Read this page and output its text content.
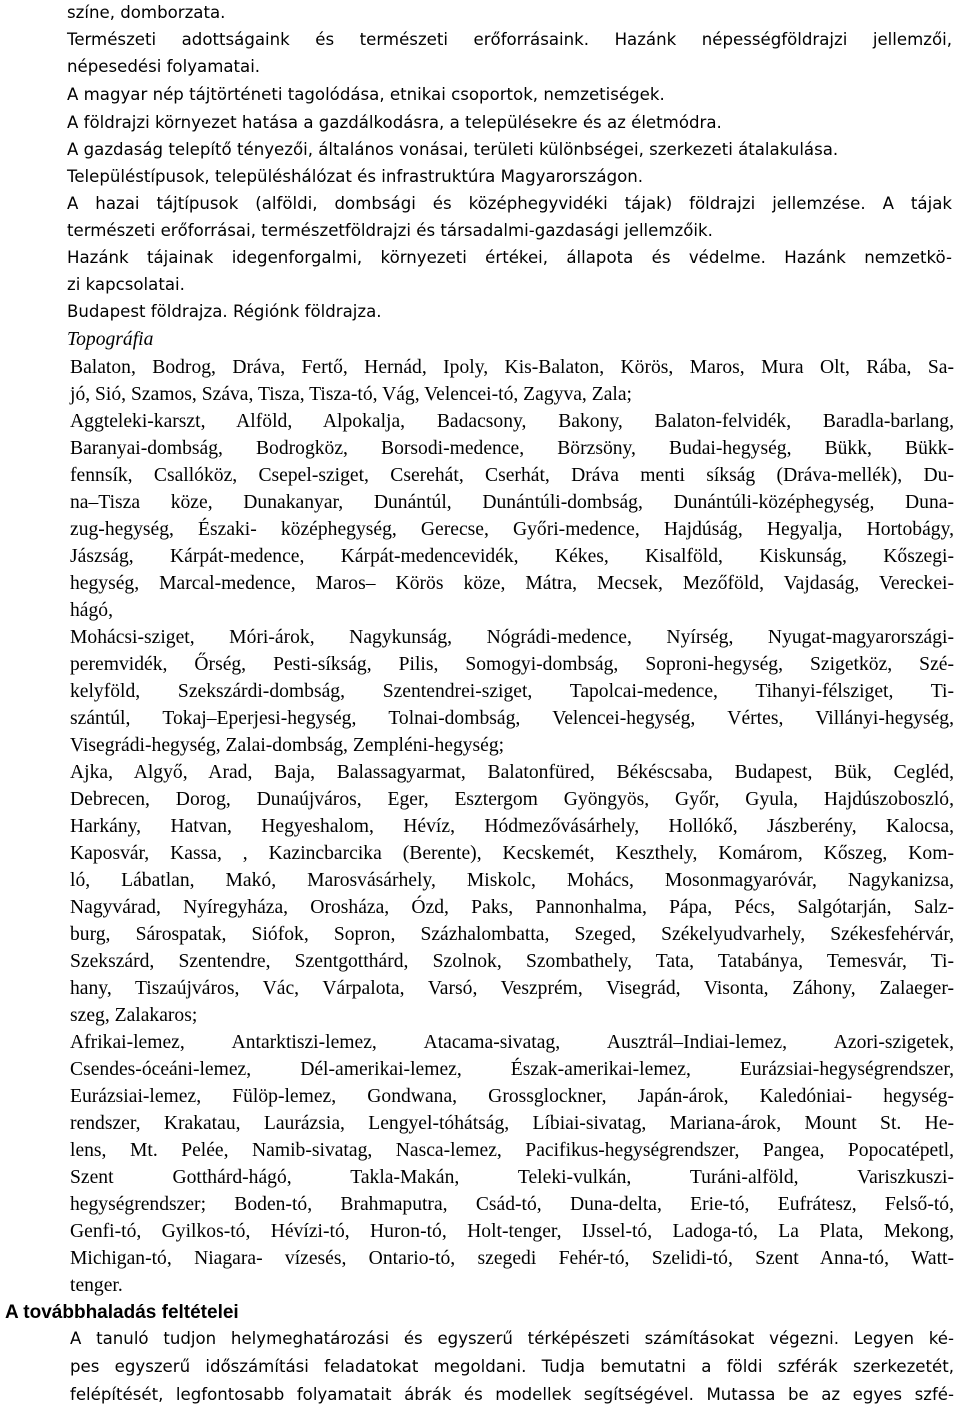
színe, domborzata.
Természeti adottságaink és természeti erőforrásaink. Hazánk népességföldrajzi jellemzői,
népesedési folyamatai.
A magyar nép tájtörténeti tagolódása, etnikai csoportok, nemzetiségek.
A földrajzi környezet hatása a gazdálkodásra, a településekre és az életmódra.
A gazdaság telepítő tényezői, általános vonásai, területi különbségei, szerkezeti átalakulása.
Településtípusok, településhálózat és infrastruktúra Magyarországon.
A hazai tájtípusok (alföldi, dombsági és középhegyvidéki tájak) földrajzi jellemzése. A tájak
természeti erőforrásai, természetföldrajzi és társadalmi-gazdasági jellemzőik.
Hazánk tájainak idegenforgalmi, környezeti értékei, állapota és védelme. Hazánk nemzetkö-
zi kapcsolatai.
Budapest földrajza. Régiónk földrajza.
Topográfia
Balaton, Bodrog, Dráva, Fertő, Hernád, Ipoly, Kis-Balaton, Körös, Maros, Mura Olt, Rába, Sa-
jó, Sió, Szamos, Száva, Tisza, Tisza-tó, Vág, Velencei-tó, Zagyva, Zala;
Aggteleki-karszt, Alföld, Alpokalja, Badacsony, Bakony, Balaton-felvidék, Baradla-barlang,
Baranyai-dombság, Bodrogköz, Borsodi-medence, Börzsöny, Budai-hegység, Bükk, Bükk-
fennsík, Csallóköz, Csepel-sziget, Cserehát, Cserhát, Dráva menti síkság (Dráva-mellék), Du-
na–Tisza köze, Dunakanyar, Dunántúl, Dunántúli-dombság, Dunántúli-középhegység, Duna-
zug-hegység, Északi- középhegység, Gerecse, Győri-medence, Hajdúság, Hegyalja, Hortobágy,
Jászság, Kárpát-medence, Kárpát-medencevidék, Kékes, Kisalföld, Kiskunság, Kőszegi-
hegység, Marcal-medence, Maros– Körös köze, Mátra, Mecsek, Mezőföld, Vajdaság, Vereckei-
hágó,
Mohácsi-sziget, Móri-árok, Nagykunság, Nógrádi-medence, Nyírség, Nyugat-magyarországi-
peremvidék, Őrség, Pesti-síkság, Pilis, Somogyi-dombság, Soproni-hegység, Szigetköz, Szé-
kelyföld, Szekszárdi-dombság, Szentendrei-sziget, Tapolcai-medence, Tihanyi-félsziget, Ti-
szántúl, Tokaj–Eperjesi-hegység, Tolnai-dombság, Velencei-hegység, Vértes, Villányi-hegység,
Visegrádi-hegység, Zalai-dombság, Zempléni-hegység;
Ajka, Algyő, Arad, Baja, Balassagyarmat, Balatonfüred, Békéscsaba, Budapest, Bük, Cegléd,
Debrecen, Dorog, Dunaújváros, Eger, Esztergom Gyöngyös, Győr, Gyula, Hajdúszoboszló,
Harkány, Hatvan, Hegyeshalom, Hévíz, Hódmezővásárhely, Hollókő, Jászberény, Kalocsa,
Kaposvár, Kassa, , Kazincbarcika (Berente), Kecskemét, Keszthely, Komárom, Kőszeg, Kom-
ló, Lábatlan, Makó, Marosvásárhely, Miskolc, Mohács, Mosonmagyaróvár, Nagykanizsa,
Nagyvárad, Nyíregyháza, Orosháza, Ózd, Paks, Pannonhalma, Pápa, Pécs, Salgótarján, Salz-
burg, Sárospatak, Siófok, Sopron, Százhalombatta, Szeged, Székelyudvarhely, Székesfehérvár,
Szekszárd, Szentendre, Szentgotthárd, Szolnok, Szombathely, Tata, Tatabánya, Temesvár, Ti-
hany, Tiszaújváros, Vác, Várpalota, Varsó, Veszprém, Visegrád, Visonta, Záhony, Zalaeger-
szeg, Zalakaros;
Afrikai-lemez, Antarktiszi-lemez, Atacama-sivatag, Ausztrál–Indiai-lemez, Azori-szigetek,
Csendes-óceáni-lemez, Dél-amerikai-lemez, Észak-amerikai-lemez, Eurázsiai-hegységrendszer,
Eurázsiai-lemez, Fülöp-lemez, Gondwana, Grossglockner, Japán-árok, Kaledóniai- hegység-
rendszer, Krakatau, Laurázsia, Lengyel-tóhátság, Líbiai-sivatag, Mariana-árok, Mount St. He-
lens, Mt. Pelée, Namib-sivatag, Nasca-lemez, Pacifikus-hegységrendszer, Pangea, Popocatépetl,
Szent Gotthárd-hágó, Takla-Makán, Teleki-vulkán, Turáni-alföld, Variszkuszi-
hegységrendszer; Boden-tó, Brahmaputra, Csád-tó, Duna-delta, Erie-tó, Eufrátesz, Felső-tó,
Genfi-tó, Gyilkos-tó, Hévízi-tó, Huron-tó, Holt-tenger, IJssel-tó, Ladoga-tó, La Plata, Mekong,
Michigan-tó, Niagara- vízesés, Ontario-tó, szegedi Fehér-tó, Szelidi-tó, Szent Anna-tó, Watt-
tenger.
A továbbhaladás feltételei
A tanuló tudjon helymeghatározási és egyszerű térképészeti számításokat végezni. Legyen ké-
pes egyszerű időszámítási feladatokat megoldani. Tudja bemutatni a földi szférák szerkezetét,
felépítését, legfontosabb folyamatait ábrák és modellek segítségével. Mutassa be az egyes szfé-
